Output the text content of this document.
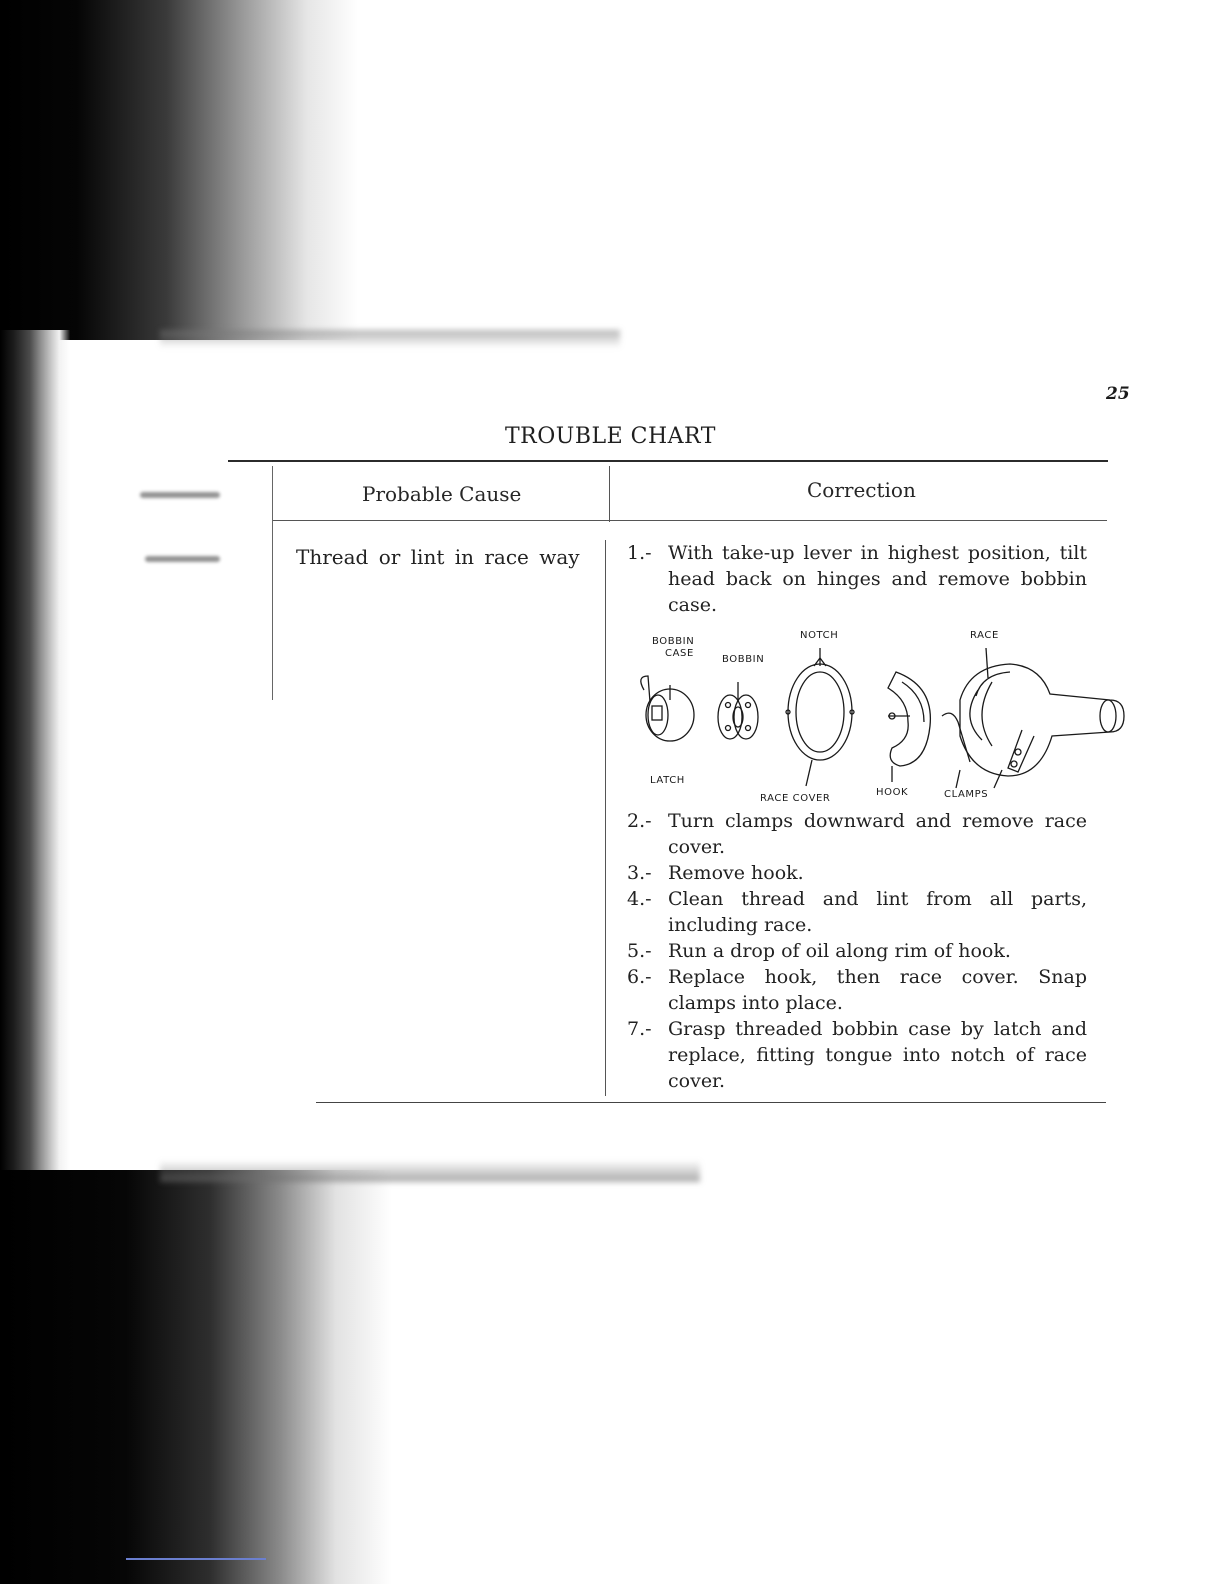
25
TROUBLE CHART
Probable Cause	Correction
Thread or lint in race way 1.- With take-up lever in highest position, tilt head back on hinges and remove bobbin case.
BOBBIN
CASE
BOBBIN
NOTCH	RACE
LATCH
RACE COVER
HOOK	CLAMPS
2.- Turn clamps downward and remove race cover.
3.- Remove hook.
4.- Clean thread and lint from all parts, including race.
5.- Run a drop of oil along rim of hook.
6.- Replace hook, then race cover. Snap clamps into place.
7.- Grasp threaded bobbin case by latch and replace, fitting tongue into notch of race cover.
